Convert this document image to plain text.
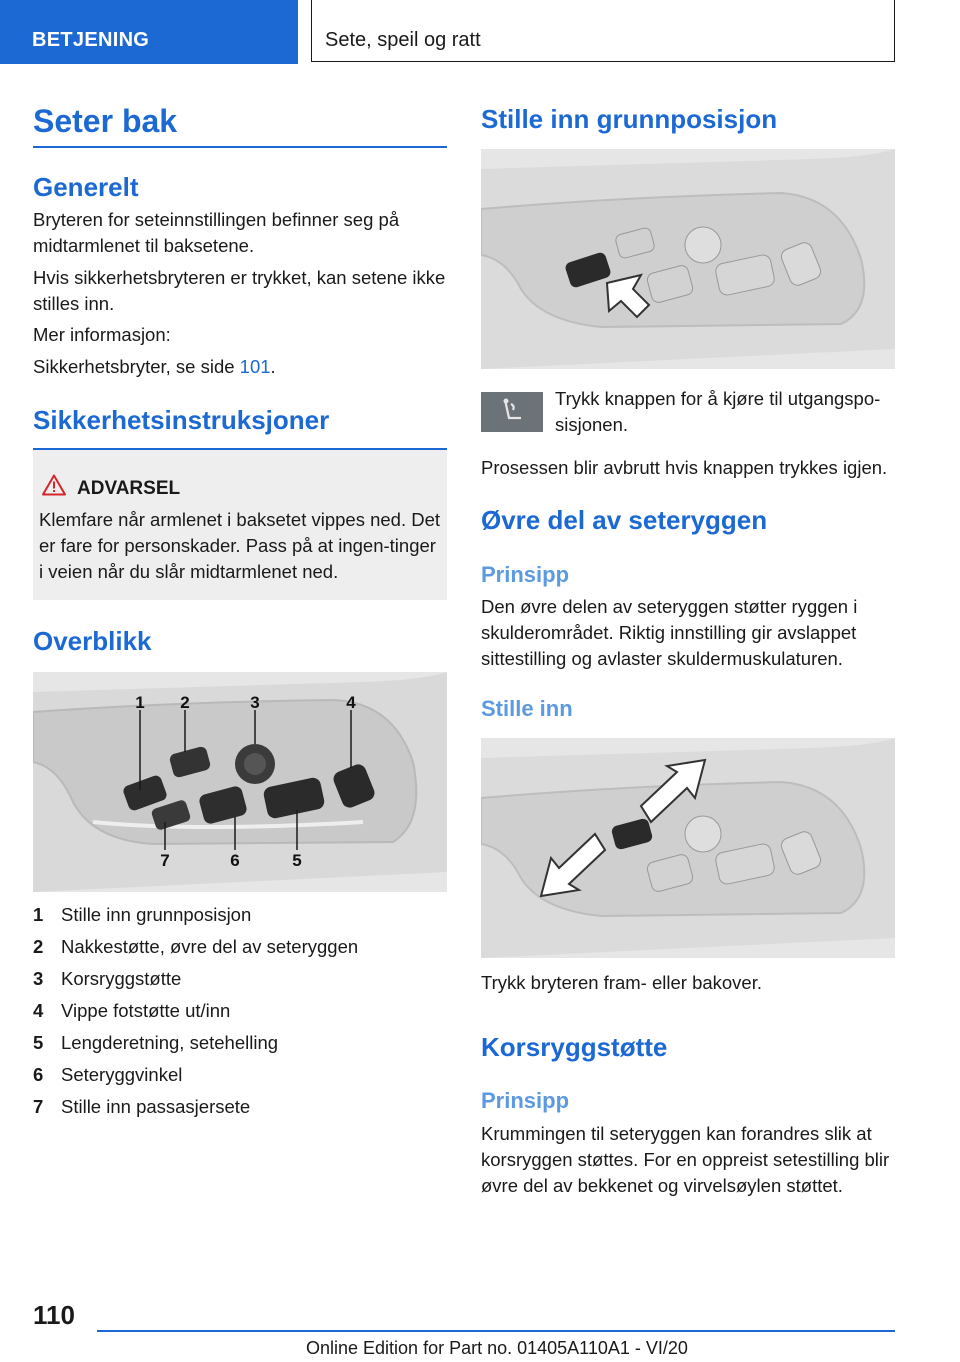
BETJENING	Sete, speil og ratt
Seter bak
Generelt
Bryteren for seteinnstillingen befinner seg på midtarmlenet til baksetene.
Hvis sikkerhetsbryteren er trykket, kan setene ikke stilles inn.
Mer informasjon:
Sikkerhetsbryter, se side 101.
Sikkerhetsinstruksjoner
ADVARSEL
Klemfare når armlenet i baksetet vippes ned. Det er fare for personskader. Pass på at ingen-tinger i veien når du slår midtarmlenet ned.
Overblikk
1 2	3	4
7	6	5
1 Stille inn grunnposisjon
2 Nakkestøtte, øvre del av seteryggen
3 Korsryggstøtte
4 Vippe fotstøtte ut/inn
5 Lengderetning, setehelling
6 Seteryggvinkel
7 Stille inn passasjersete
Stille inn grunnposisjon
Trykk knappen for å kjøre til utgangspo-sisjonen.
Prosessen blir avbrutt hvis knappen trykkes igjen.
Øvre del av seteryggen
Prinsipp
Den øvre delen av seteryggen støtter ryggen i skulderområdet. Riktig innstilling gir avslappet sittestilling og avlaster skuldermuskulaturen.
Stille inn
Trykk bryteren fram- eller bakover.
Korsryggstøtte
Prinsipp
Krummingen til seteryggen kan forandres slik at korsryggen støttes. For en oppreist setestilling blir øvre del av bekkenet og virvelsøylen støttet.
110
Online Edition for Part no. 01405A110A1 - VI/20
